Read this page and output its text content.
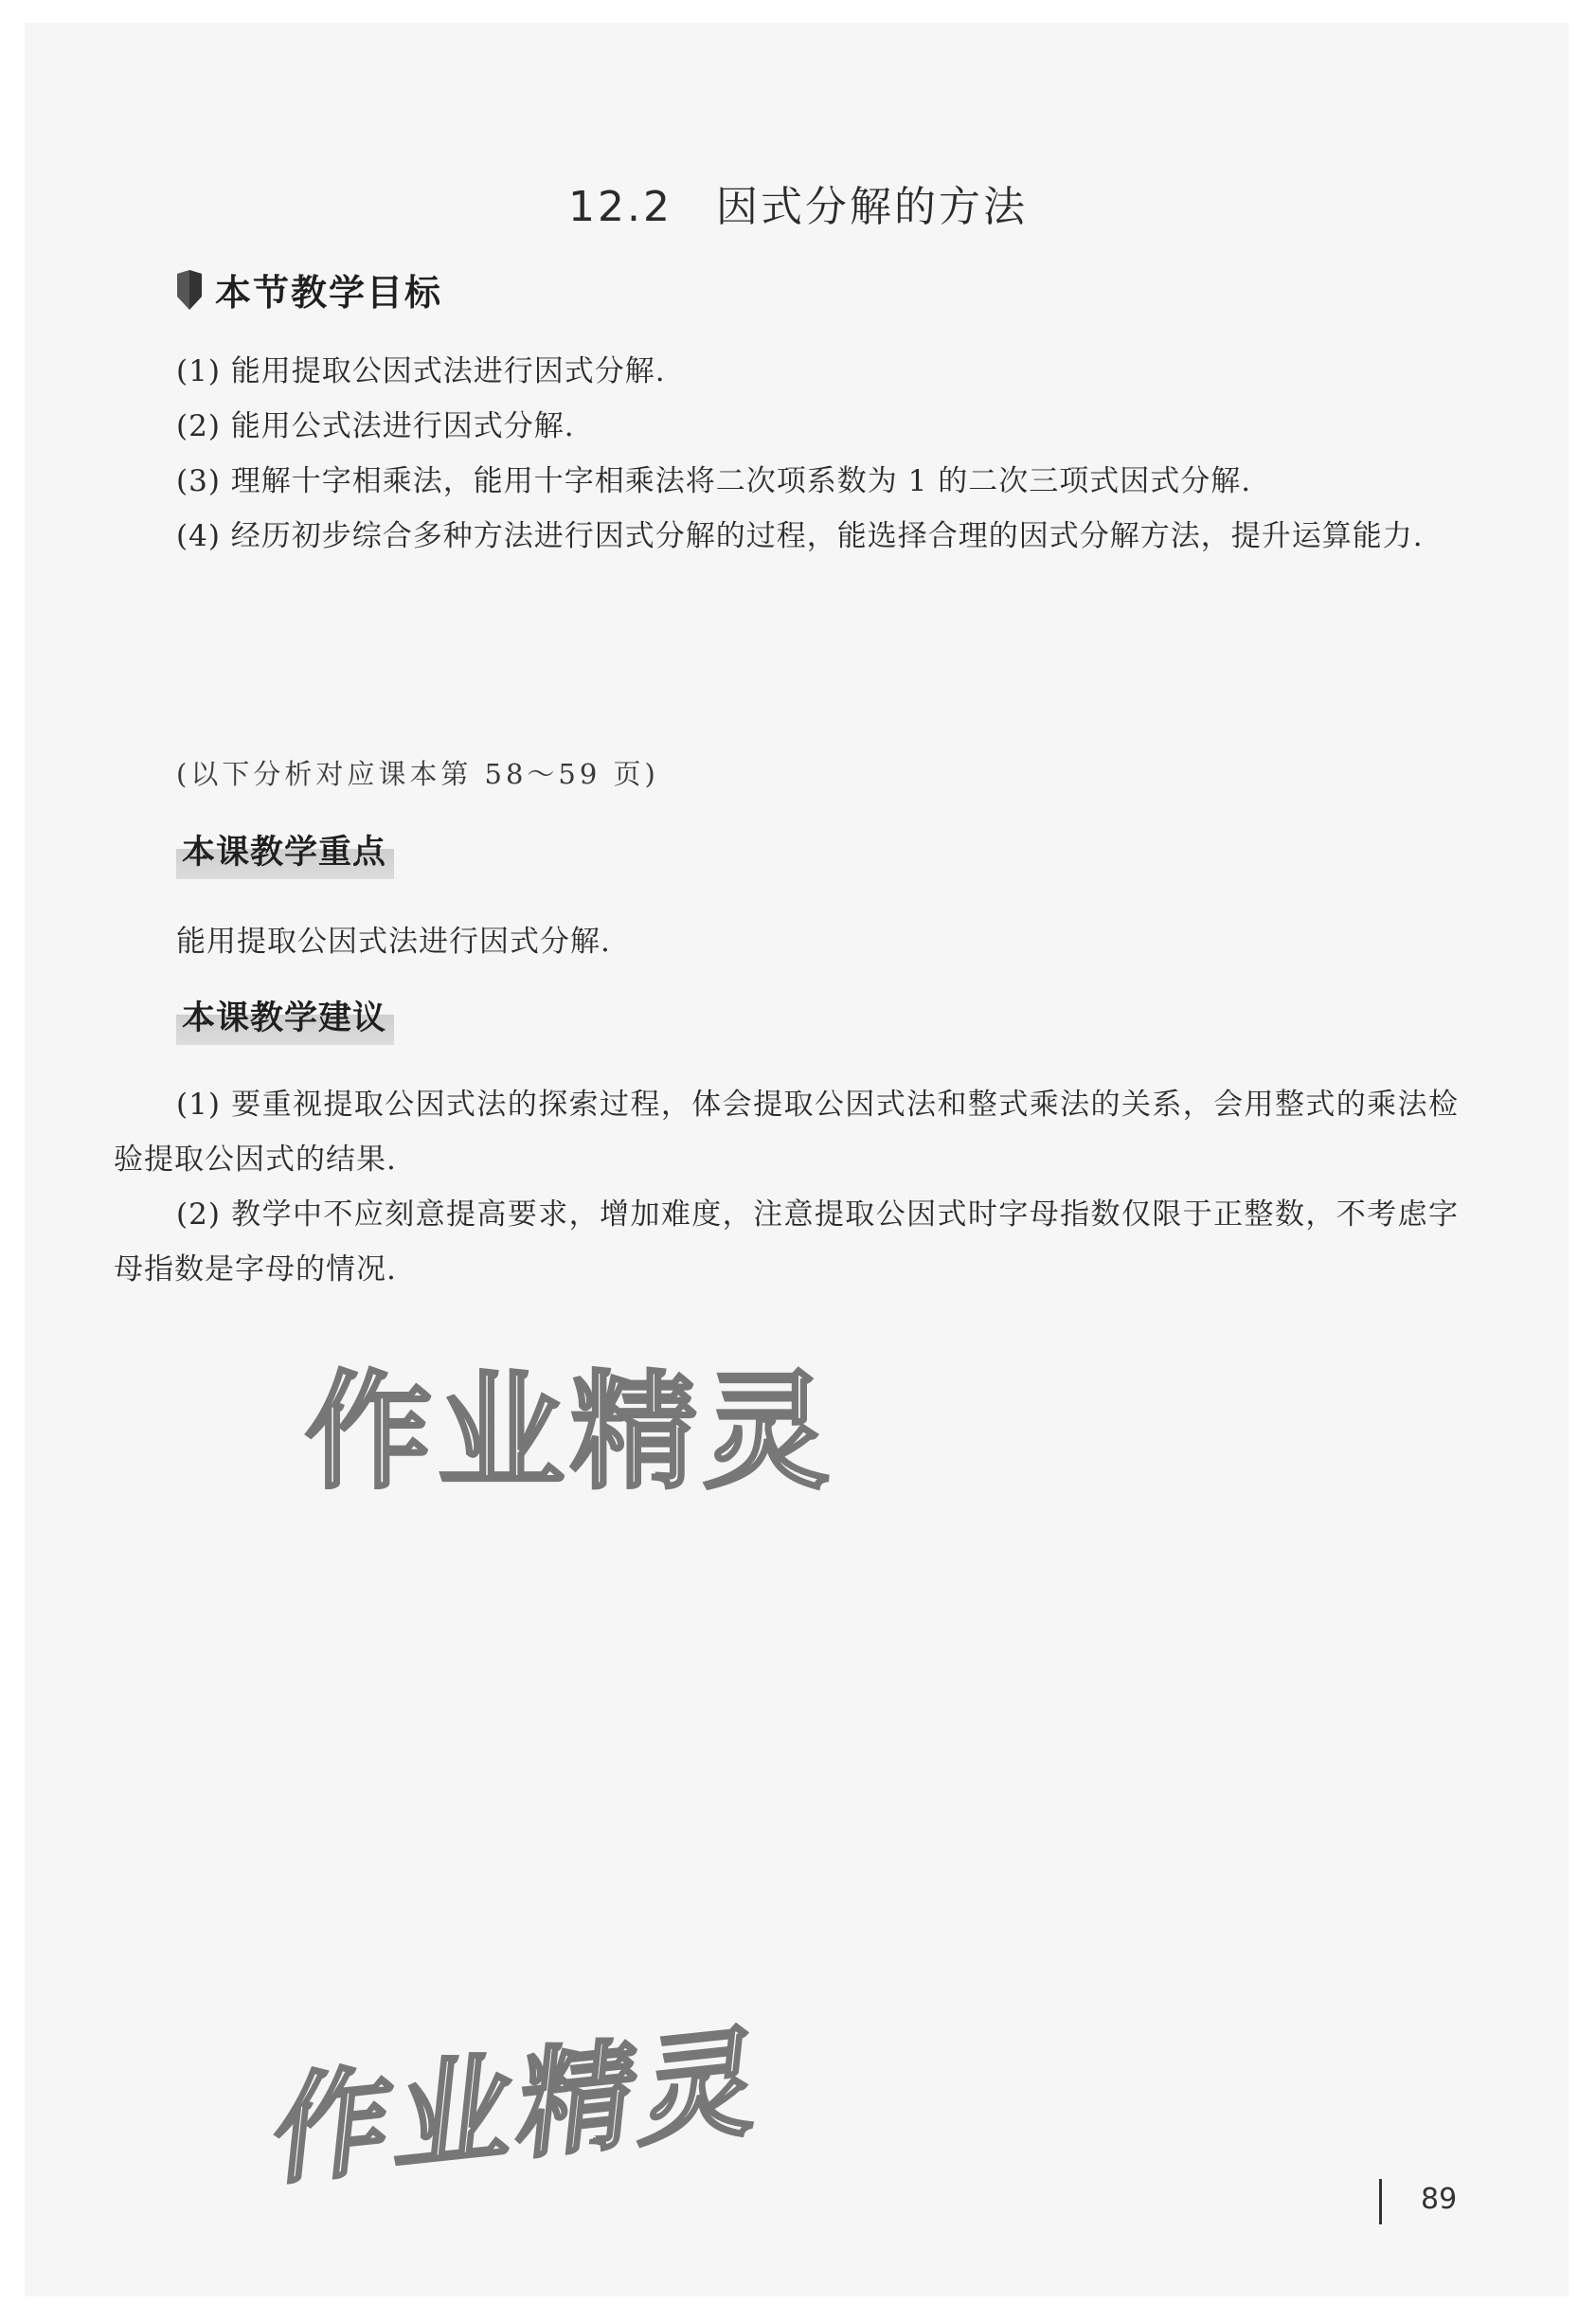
12.2 因式分解的方法
本节教学目标
(1) 能用提取公因式法进行因式分解.
(2) 能用公式法进行因式分解.
(3) 理解十字相乘法，能用十字相乘法将二次项系数为 1 的二次三项式因式分解.
(4) 经历初步综合多种方法进行因式分解的过程，能选择合理的因式分解方法，提升运算能力.
(以下分析对应课本第 58～59 页)
本课教学重点
能用提取公因式法进行因式分解.
本课教学建议
(1) 要重视提取公因式法的探索过程，体会提取公因式法和整式乘法的关系，会用整式的乘法检验提取公因式的结果.
(2) 教学中不应刻意提高要求，增加难度，注意提取公因式时字母指数仅限于正整数，不考虑字母指数是字母的情况.
作业精灵
作业精灵	89
